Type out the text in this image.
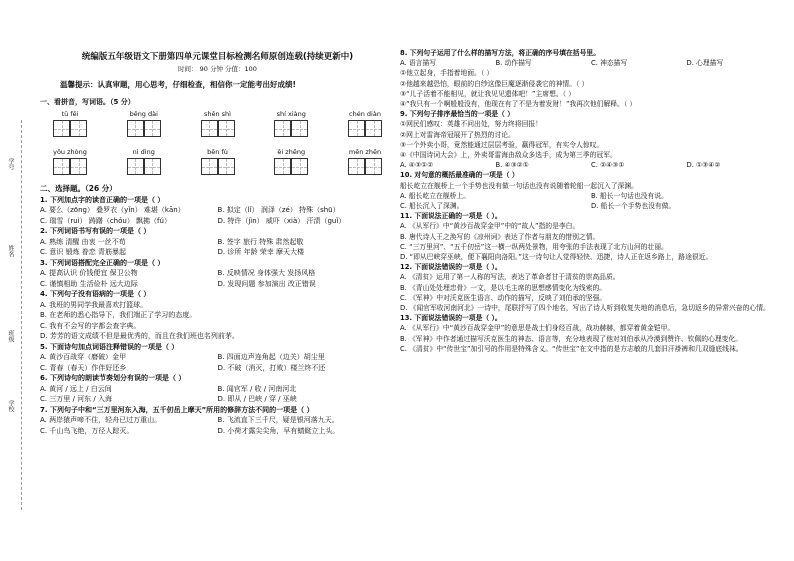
学号
姓名
班级
学校
统编版五年级语文下册第四单元课堂目标检测名师原创连载(持续更新中)
时间： 90 分钟 分值：100
温馨提示：认真审题，用心思考，仔细检查，相信你一定能考出好成绩!
一、看拼音，写词语。（5 分）
tū fēi	bēng dài	shěn shì	shí xiàng	chén diàn
yǒu zhòng	nì dìng	bēn fù	ěi zhēng	mēn zhēn
二、选择题。（26 分）
1. 下列加点字的读音正确的一项是（ ）
A. 要么（zōng） 叠罗衣（yǐn） 难堪（kān）	B. 拟定（lǐ） 润泽（zé） 特殊（shū）
C. 瑞雪（ruì） 踌躇（chóu） 飘拂（fú）	D. 特许（jìn） 威吓（xià） 汗渍（guǐ）
2. 下列词语书写有误的一项是（ ）
A. 熟练 清醒 由衷 一丝不苟	B. 签字 旅行 特殊 肃然起敬
C. 意识 锻炼 眷恋 青筋暴起	D. 诊所 年龄 荣幸 摩天大楼
3. 下列词语搭配完全正确的一项是（ ）
A. 提高认识 价钱便宜 保卫公物	B. 反映情况 身体强大 发扬风格
C. 谨慎相助 生活俭朴 远大边际	D. 发现问题 参加演出 改正错误
4. 下列句子没有语病的一项是（ ）
A. 我班的男同学我最喜欢打篮球。
B. 在老师的悉心指导下，我们端正了学习的态度。
C. 我有不会写的字都会查字典。
D. 芳芳的语文成绩不但是最优秀的，而且在我们班也名列前茅。
5. 下面诗句加点词语注释错误的一项是（ ）
A. 黄沙百战穿（磨破）金甲	B. 四面边声连角起（边关）胡尘里
C. 青春（春天）作伴好还乡	D. 不破（消灭，打败）楼兰终不还
6. 下列诗句的朗读节奏划分有误的一项是（ ）
A. 黄河 / 远上 / 白云间	B. 闻官军 / 收 / 河南河北
C. 三万里 / 河东 / 入海	D. 即从 / 巴峡 / 穿 / 巫峡
7. 下列句子中和“三万里河东入海，五千仞岳上摩天”所用的修辞方法不同的一项是（ ）
A. 两岸猿声啼不住，轻舟已过万重山。	B. 飞流直下三千尺，疑是银河落九天。
C. 千山鸟飞绝，万径人踪灭。	D. 小荷才露尖尖角，早有蜻蜓立上头。
8. 下列句子运用了什么样的描写方法，将正确的序号填在括号里。
A. 语言描写	B. 动作描写	C. 神态描写	D. 心理描写
①他立起身，手指着地面。（ ）
②他越来越恐怕，眼前的白纱这像巨魔逐渐侵袭它的神情。（ ）
③“儿子活着不能相见，就让我见见遗体吧！”主席想。（ ）
④“我只有一个啊般般没有，他现在有了不是为着发财！”我再次他们解释。（ ）
9. 下列句子排序最恰当的一项是（ ）
①网民们感叹：英雄不问出处，努力终将回报！
②网上对雷海帝冠展开了热烈的讨论。
③一个外卖小哥，竟然能通过层层考验，赢得冠军，有实令人惊叹。
④《中国诗词大会》上，外卖哥雷海由敌众多选手，成为第三季的冠军。
A. ④③①②	B. ④③②①	C. ②④③①	D. ①③④②
10. 对句意的概括最准确的一项是（ ）
船长屹立在舰桥上一个手势也没有做一句话也没有说随着轮船一起沉入了深渊。
A. 船长屹立在舰桥上。	B. 船长一句话也没有说。
C. 船长沉入了深渊。	D. 船长一个手势也没有做。
11. 下面说法正确的一项是（ ）。
A. 《从军行》中“黄沙百战穿金甲”中的“故人”指的是李白。
B. 唐代诗人王之涣写的《凉州词》表达了作者与朋友的惜别之情。
C. “三万里河”、“五千仞岳”这一横一纵两处景物，用夸张的手法表现了北方山河的壮丽。
D. “即从巴峡穿巫峡，便下襄阳向洛阳。”这一诗句让人觉得轻快、迅捷，诗人正在返乡路上，路途很近。
12. 下面说法错误的一项是（ ）。
A. 《清贫》运用了第一人称的写法，表达了革命者甘于清贫的崇高品质。
B. 《青山处处埋忠骨》一文，是以毛主席的思想感情变化为线索的。
C. 《军神》中对沃克医生语言、动作的描写，反映了刘伯承的坚强。
D. 《闻官军收河南河北》一诗中，尾联抒写了四个地名，写出了诗人听到收复失地的消息后，急切返乡的异常兴奋的心情。
13. 下面说法错误的一项是（ ）。
A. 《从军行》中“黄沙百战穿金甲”的意思是战士们身经百战，战功赫赫，都穿着黄金铠甲。
B. 《军神》中作者通过描写沃克医生的神态、语言等，充分地表现了他对刘伯承从冷漠到赞许、钦佩的心理变化。
C. 《清贫》中“传世宝”加引号的作用是特殊含义。“传世宝”在文中指的是方志敏的几套旧汗褂裤和几双缝底线袜。
